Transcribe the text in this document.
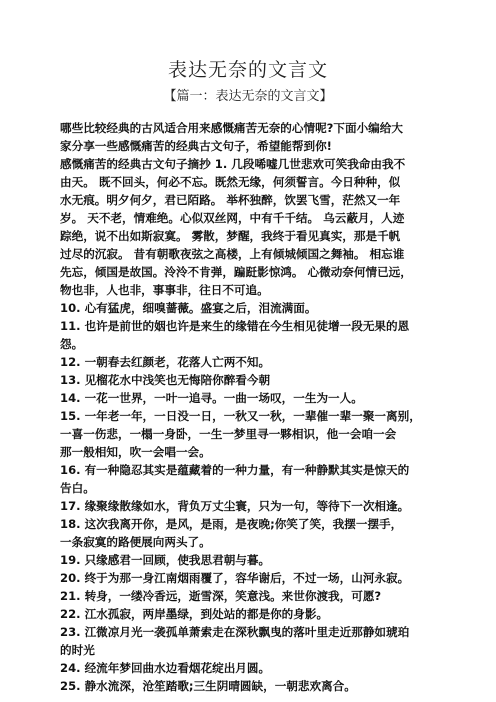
表达无奈的文言文
【篇一：表达无奈的文言文】
哪些比较经典的古风适合用来感慨痛苦无奈的心情呢?下面小编给大
家分享一些感慨痛苦的经典古文句子，希望能帮到你!
感慨痛苦的经典古文句子摘抄 1. 几段唏嘘几世悲欢可笑我命由我不
由天。 既不回头，何必不忘。既然无缘，何须誓言。今日种种，似
水无痕。明夕何夕，君已陌路。 举杯独醉，饮罢飞雪，茫然又一年
岁。 天不老，情难绝。心似双丝网，中有千千结。 乌云蔽月，人迹
踪绝，说不出如斯寂寞。 雾散，梦醒，我终于看见真实，那是千帆
过尽的沉寂。 昔有朝歌夜弦之高楼，上有倾城倾国之舞袖。 相忘谁
先忘，倾国是故国。泠泠不肯弹，蹁跹影惊鸿。 心微动奈何情已远，
物也非，人也非，事事非，往日不可追。
10. 心有猛虎，细嗅蔷薇。盛宴之后，泪流满面。
11. 也许是前世的姻也许是来生的缘错在今生相见徒增一段无果的恩
怨。
12. 一朝春去红颜老，花落人亡两不知。
13. 见榴花水中浅笑也无悔陪你醉看今朝
14. 一花一世界，一叶一追寻。一曲一场叹，一生为一人。
15. 一年老一年，一日没一日，一秋又一秋，一辈催一辈一聚一离别，
一喜一伤悲，一榻一身卧，一生一梦里寻一夥相识，他一会咱一会
那一般相知，吹一会唱一会。
16. 有一种隐忍其实是蕴藏着的一种力量，有一种静默其实是惊天的
告白。
17. 缘聚缘散缘如水，背负万丈尘寰，只为一句，等待下一次相逢。
18. 这次我离开你，是风，是雨，是夜晚;你笑了笑，我摆一摆手，
一条寂寞的路便展向两头了。
19. 只缘感君一回顾，使我思君朝与暮。
20. 终于为那一身江南烟雨覆了，容华谢后，不过一场，山河永寂。
21. 转身，一缕冷香远，逝雪深，笑意浅。来世你渡我，可愿?
22. 江水孤寂，两岸墨绿，到处站的都是你的身影。
23. 江微凉月光一袭孤单萧索走在深秋飘曳的落叶里走近那静如琥珀
的时光
24. 经流年梦回曲水边看烟花绽出月圆。
25. 静水流深，沧笙踏歌;三生阴晴圆缺，一朝悲欢离合。
